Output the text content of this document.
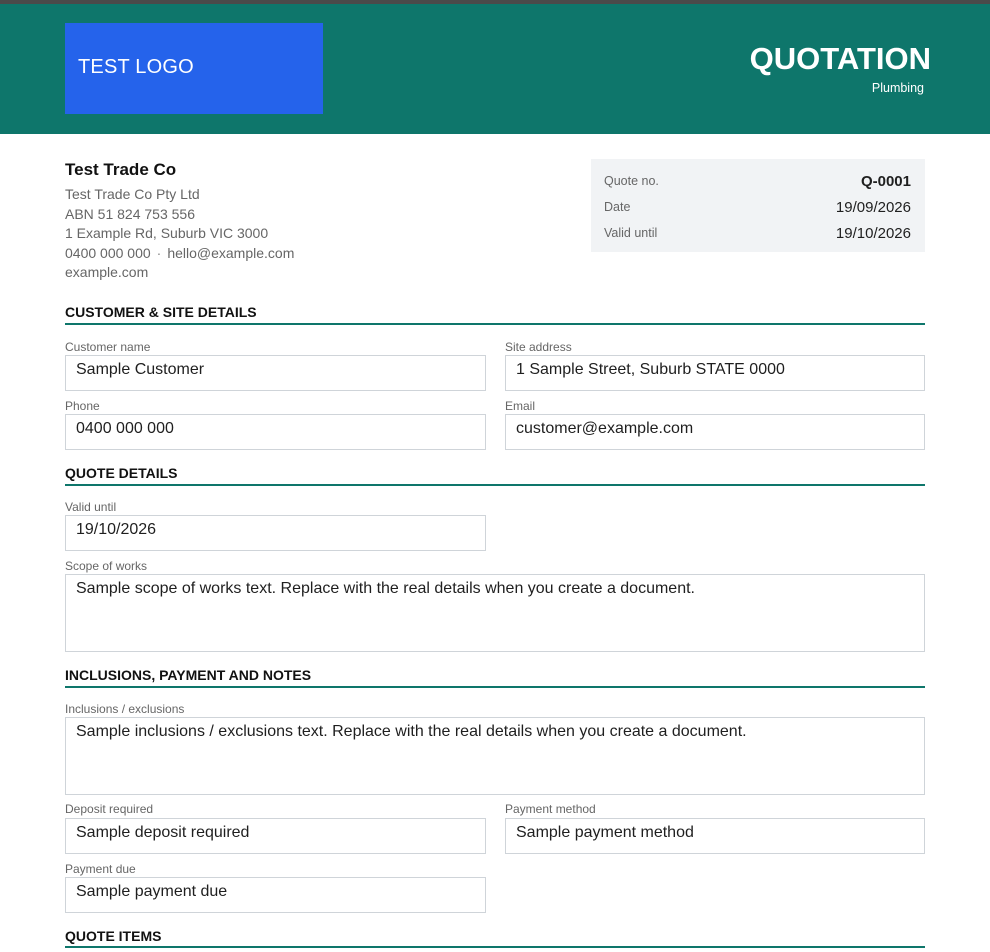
TEST LOGO	QUOTATION
Plumbing
Test Trade Co
Test Trade Co Pty Ltd
ABN 51 824 753 556
1 Example Rd, Suburb VIC 3000
0400 000 000 · hello@example.com
example.com
Quote no.	Q-0001
Date	19/09/2026
Valid until	19/10/2026
CUSTOMER & SITE DETAILS
Customer name
Sample Customer
Site address
1 Sample Street, Suburb STATE 0000
Phone
0400 000 000
Email
customer@example.com
QUOTE DETAILS
Valid until
19/10/2026
Scope of works
Sample scope of works text. Replace with the real details when you create a document.
INCLUSIONS, PAYMENT AND NOTES
Inclusions / exclusions
Sample inclusions / exclusions text. Replace with the real details when you create a document.
Deposit required
Sample deposit required
Payment method
Sample payment method
Payment due
Sample payment due
QUOTE ITEMS
